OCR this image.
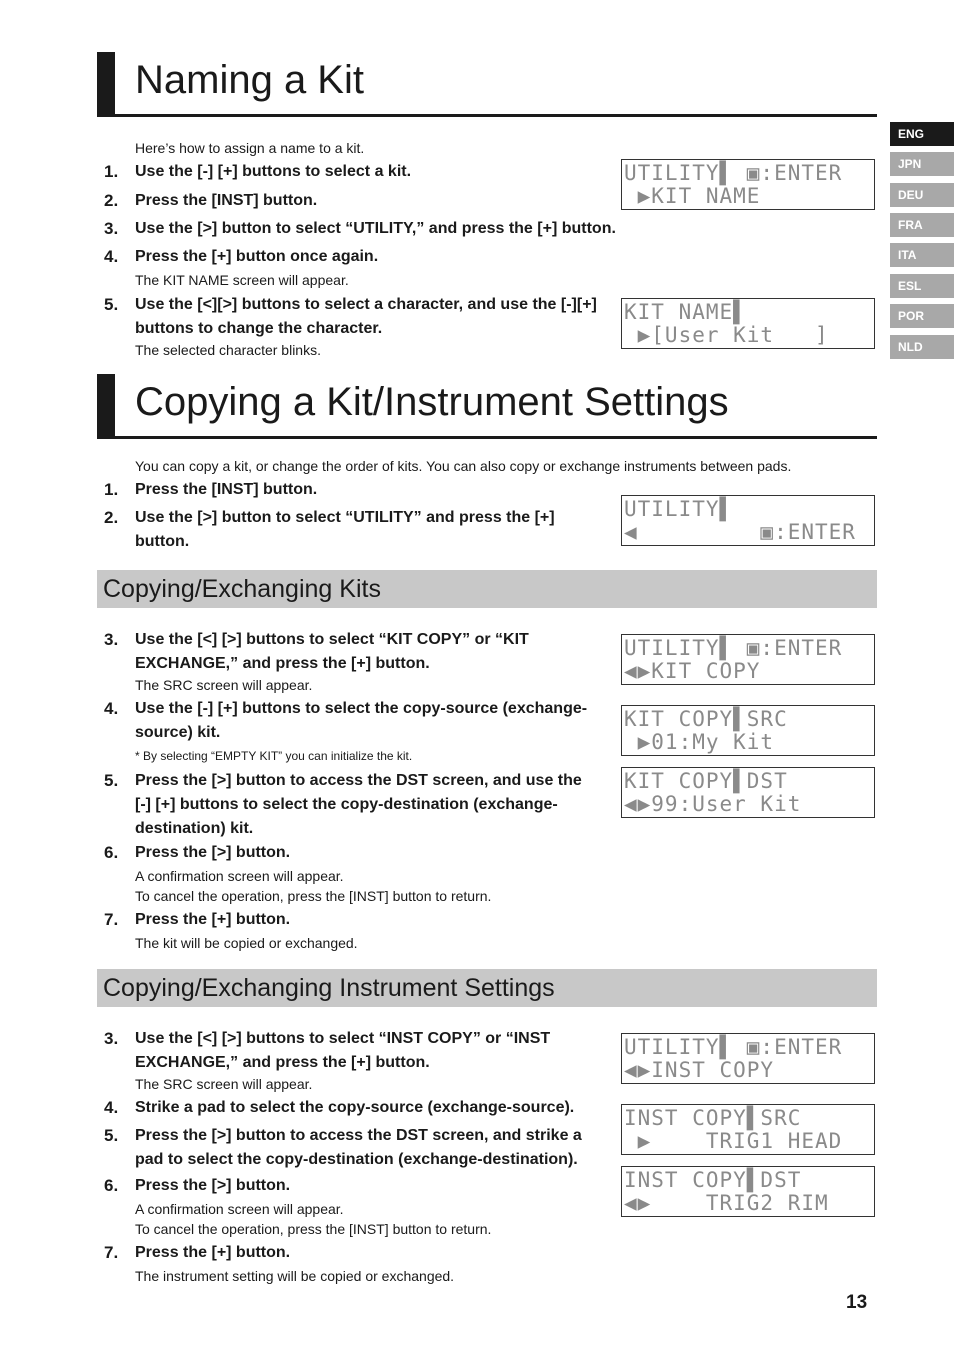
ENG
JPN
DEU
FRA
ITA
ESL
POR
NLD
Naming a Kit
Here’s how to assign a name to a kit.
1. Use the [-] [+] buttons to select a kit.
2. Press the [INST] button.
3. Use the [>] button to select “UTILITY,” and press the [+] button.
4. Press the [+] button once again.
The KIT NAME screen will appear.
5. Use the [<][>] buttons to select a character, and use the [-][+] buttons to change the character.
The selected character blinks.
UTILITY▌ ▣:ENTER
▶KIT NAME
KIT NAME▌
▶[User Kit   ]
Copying a Kit/Instrument Settings
You can copy a kit, or change the order of kits. You can also copy or exchange instruments between pads.
1. Press the [INST] button.
2. Use the [>] button to select “UTILITY” and press the [+] button.
UTILITY▌
◀         ▣:ENTER
Copying/Exchanging Kits
3. Use the [<] [>] buttons to select “KIT COPY” or “KIT EXCHANGE,” and press the [+] button.
The SRC screen will appear.
4. Use the [-] [+] buttons to select the copy-source (exchange-source) kit.
* By selecting “EMPTY KIT” you can initialize the kit.
5. Press the [>] button to access the DST screen, and use the [-] [+] buttons to select the copy-destination (exchange-destination) kit.
6. Press the [>] button.
A confirmation screen will appear.
To cancel the operation, press the [INST] button to return.
7. Press the [+] button.
The kit will be copied or exchanged.
UTILITY▌ ▣:ENTER
◀▶KIT COPY
KIT COPY▌SRC
▶01:My Kit
KIT COPY▌DST
◀▶99:User Kit
Copying/Exchanging Instrument Settings
3. Use the [<] [>] buttons to select “INST COPY” or “INST EXCHANGE,” and press the [+] button.
The SRC screen will appear.
4. Strike a pad to select the copy-source (exchange-source).
5. Press the [>] button to access the DST screen, and strike a pad to select the copy-destination (exchange-destination).
6. Press the [>] button.
A confirmation screen will appear.
To cancel the operation, press the [INST] button to return.
7. Press the [+] button.
The instrument setting will be copied or exchanged.
UTILITY▌ ▣:ENTER
◀▶INST COPY
INST COPY▌SRC
▶    TRIG1 HEAD
INST COPY▌DST
◀▶    TRIG2 RIM
13
